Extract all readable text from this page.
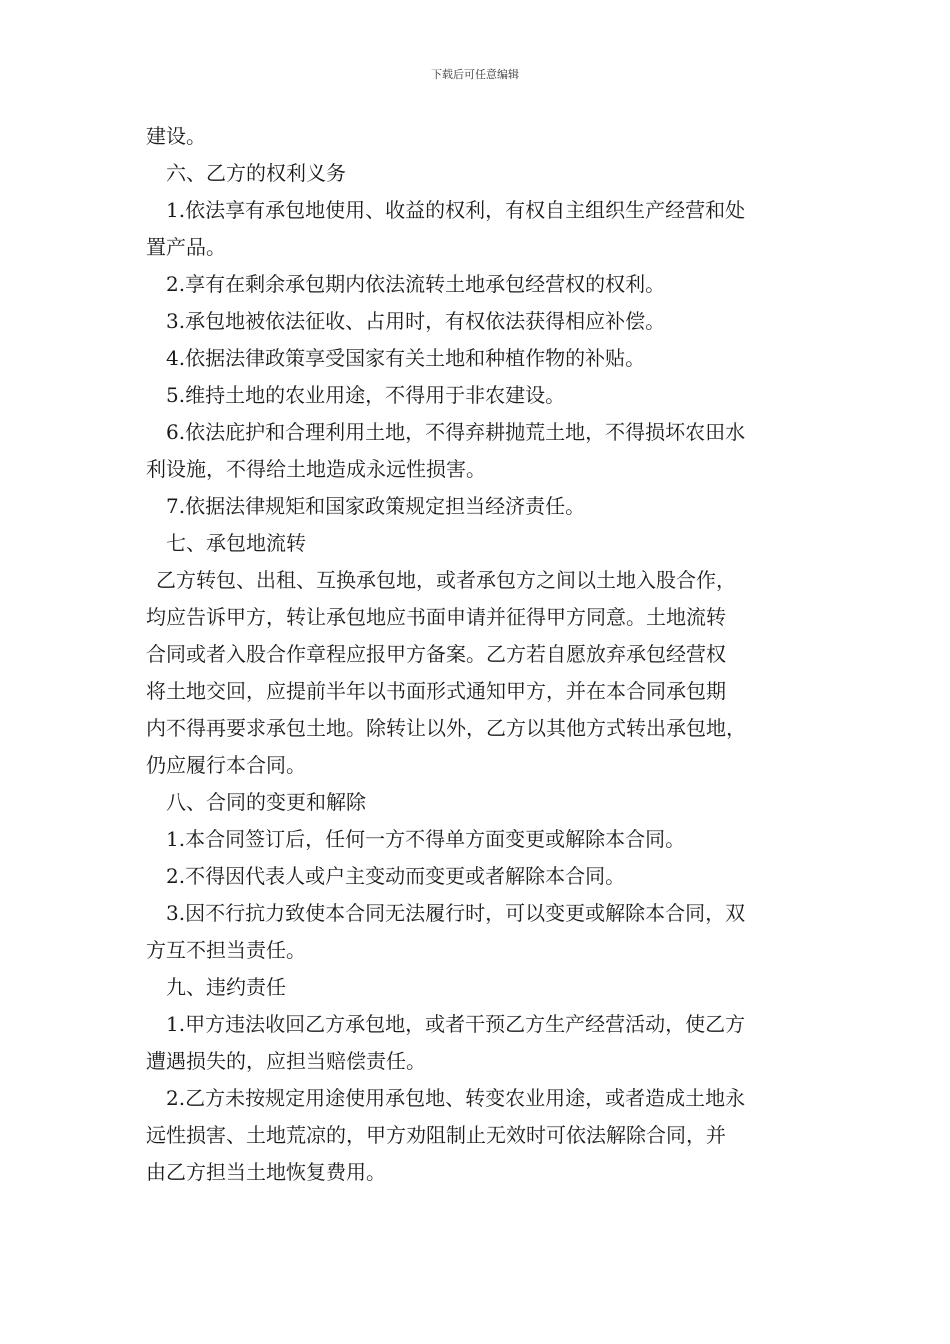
下载后可任意编辑
建设。
六、乙方的权利义务
1.依法享有承包地使用、收益的权利，有权自主组织生产经营和处
置产品。
2.享有在剩余承包期内依法流转土地承包经营权的权利。
3.承包地被依法征收、占用时，有权依法获得相应补偿。
4.依据法律政策享受国家有关土地和种植作物的补贴。
5.维持土地的农业用途，不得用于非农建设。
6.依法庇护和合理利用土地，不得弃耕抛荒土地，不得损坏农田水
利设施，不得给土地造成永远性损害。
7.依据法律规矩和国家政策规定担当经济责任。
七、承包地流转
乙方转包、出租、互换承包地，或者承包方之间以土地入股合作，
均应告诉甲方，转让承包地应书面申请并征得甲方同意。土地流转
合同或者入股合作章程应报甲方备案。乙方若自愿放弃承包经营权
将土地交回，应提前半年以书面形式通知甲方，并在本合同承包期
内不得再要求承包土地。除转让以外，乙方以其他方式转出承包地，
仍应履行本合同。
八、合同的变更和解除
1.本合同签订后，任何一方不得单方面变更或解除本合同。
2.不得因代表人或户主变动而变更或者解除本合同。
3.因不行抗力致使本合同无法履行时，可以变更或解除本合同，双
方互不担当责任。
九、违约责任
1.甲方违法收回乙方承包地，或者干预乙方生产经营活动，使乙方
遭遇损失的，应担当赔偿责任。
2.乙方未按规定用途使用承包地、转变农业用途，或者造成土地永
远性损害、土地荒凉的，甲方劝阻制止无效时可依法解除合同，并
由乙方担当土地恢复费用。
